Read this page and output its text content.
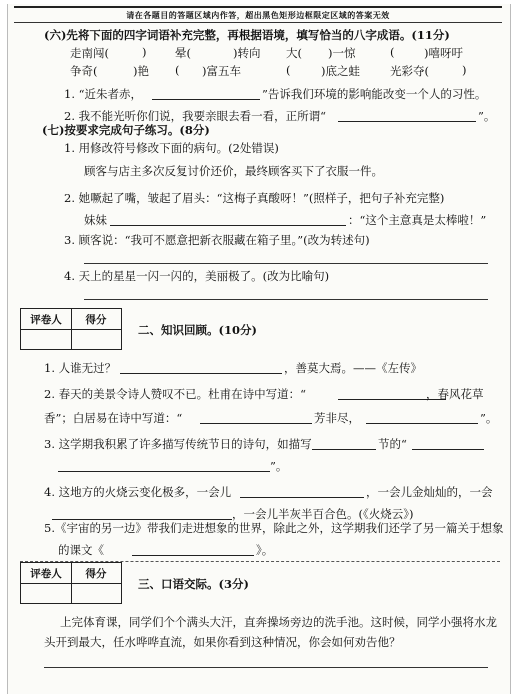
请在各题目的答题区域内作答，超出黑色矩形边框限定区域的答案无效
(六)先将下面的四字词语补充完整，再根据语境，填写恰当的八字成语。(11分)
走南闯(	) 晕(	)转向 大( )一惊	(	)嘻呀吁
争奇(	)艳 ( )富五车	(	)底之蛙	光彩夺(	)
1. “近朱者赤，	”告诉我们环境的影响能改变一个人的习性。
2. 我不能光听你们说，我要亲眼去看一看，正所谓“	”。
(七)按要求完成句子练习。(8分)
1. 用修改符号修改下面的病句。(2处错误)
顾客与店主多次反复讨价还价，最终顾客买下了衣服一件。
2. 她噘起了嘴，皱起了眉头：“这梅子真酸呀！”(照样子，把句子补充完整)
妹妹	：“这个主意真是太棒啦！”
3. 顾客说：“我可不愿意把新衣服藏在箱子里。”(改为转述句)
4. 天上的星星一闪一闪的，美丽极了。(改为比喻句)
评卷人	得分
二、知识回顾。(10分)
1. 人谁无过？	，善莫大焉。——《左传》
2. 春天的美景令诗人赞叹不已。杜甫在诗中写道：“	，春风花草
香”；白居易在诗中写道：“	芳非尽，	”。
3. 这学期我积累了许多描写传统节日的诗句，如描写	节的“
”。
4. 这地方的火烧云变化极多，一会儿	，一会儿金灿灿的，一会
，一会儿半灰半百合色。(《火烧云》)
5.《宇宙的另一边》带我们走进想象的世界，除此之外，这学期我们还学了另一篇关于想象
的课文《	》。
评卷人	得分
三、口语交际。(3分)
上完体育课，同学们个个满头大汗，直奔操场旁边的洗手池。这时候，同学小强将水龙
头开到最大，任水哗哗直流，如果你看到这种情况，你会如何劝告他？
